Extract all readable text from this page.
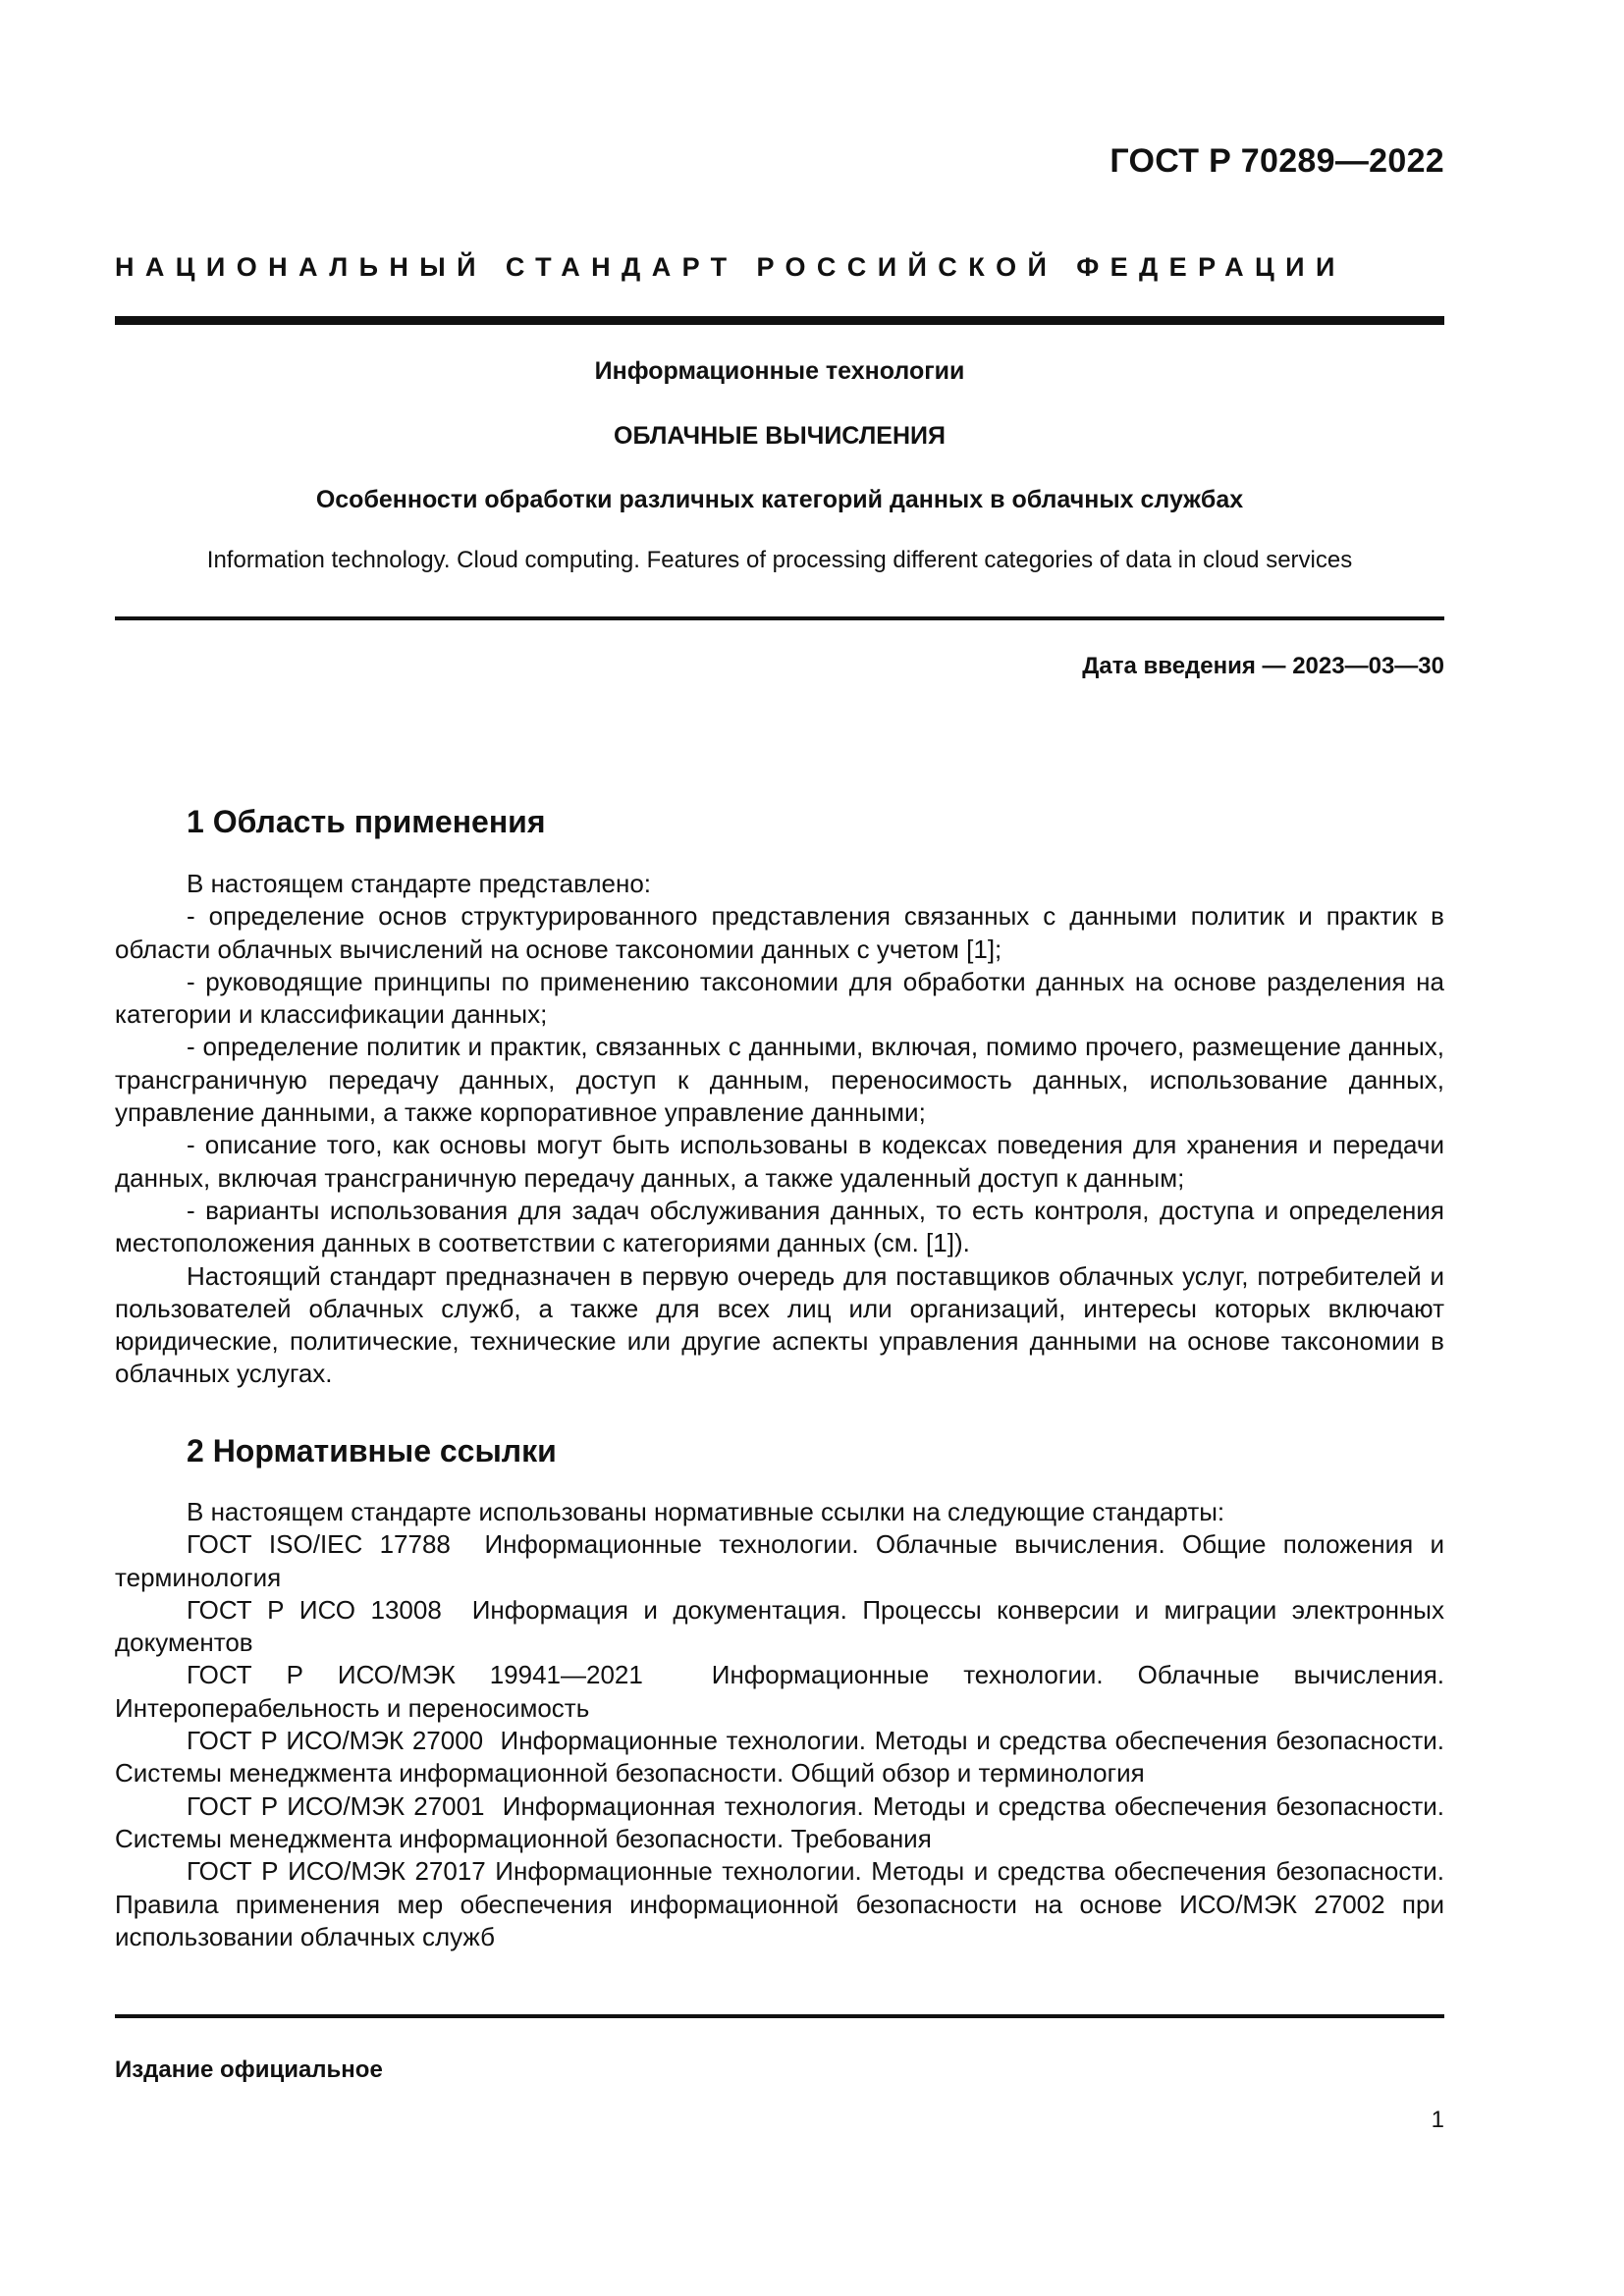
ГОСТ Р 70289—2022
НАЦИОНАЛЬНЫЙ СТАНДАРТ РОССИЙСКОЙ ФЕДЕРАЦИИ
Информационные технологии
ОБЛАЧНЫЕ ВЫЧИСЛЕНИЯ
Особенности обработки различных категорий данных в облачных службах
Information technology. Cloud computing. Features of processing different categories of data in cloud services
Дата введения — 2023—03—30
1 Область применения

В настоящем стандарте представлено:

- определение основ структурированного представления связанных с данными политик и практик в области облачных вычислений на основе таксономии данных с учетом [1];

- руководящие принципы по применению таксономии для обработки данных на основе разделения на категории и классификации данных;

- определение политик и практик, связанных с данными, включая, помимо прочего, размещение данных, трансграничную передачу данных, доступ к данным, переносимость данных, использование данных, управление данными, а также корпоративное управление данными;

- описание того, как основы могут быть использованы в кодексах поведения для хранения и передачи данных, включая трансграничную передачу данных, а также удаленный доступ к данным;

- варианты использования для задач обслуживания данных, то есть контроля, доступа и определения местоположения данных в соответствии с категориями данных (см. [1]).

Настоящий стандарт предназначен в первую очередь для поставщиков облачных услуг, потребителей и пользователей облачных служб, а также для всех лиц или организаций, интересы которых включают юридические, политические, технические или другие аспекты управления данными на основе таксономии в облачных услугах.

2 Нормативные ссылки

В настоящем стандарте использованы нормативные ссылки на следующие стандарты:

ГОСТ ISO/IEC 17788 Информационные технологии. Облачные вычисления. Общие положения и терминология

ГОСТ Р ИСО 13008 Информация и документация. Процессы конверсии и миграции электронных документов

ГОСТ Р ИСО/МЭК 19941—2021	Информационные технологии. Облачные вычисления. Интероперабельность и переносимость

ГОСТ Р ИСО/МЭК 27000 Информационные технологии. Методы и средства обеспечения безопасности. Системы менеджмента информационной безопасности. Общий обзор и терминология

ГОСТ Р ИСО/МЭК 27001 Информационная технология. Методы и средства обеспечения безопасности. Системы менеджмента информационной безопасности. Требования

ГОСТ Р ИСО/МЭК 27017 Информационные технологии. Методы и средства обеспечения безопасности. Правила применения мер обеспечения информационной безопасности на основе ИСО/МЭК 27002 при использовании облачных служб

Издание официальное
1
